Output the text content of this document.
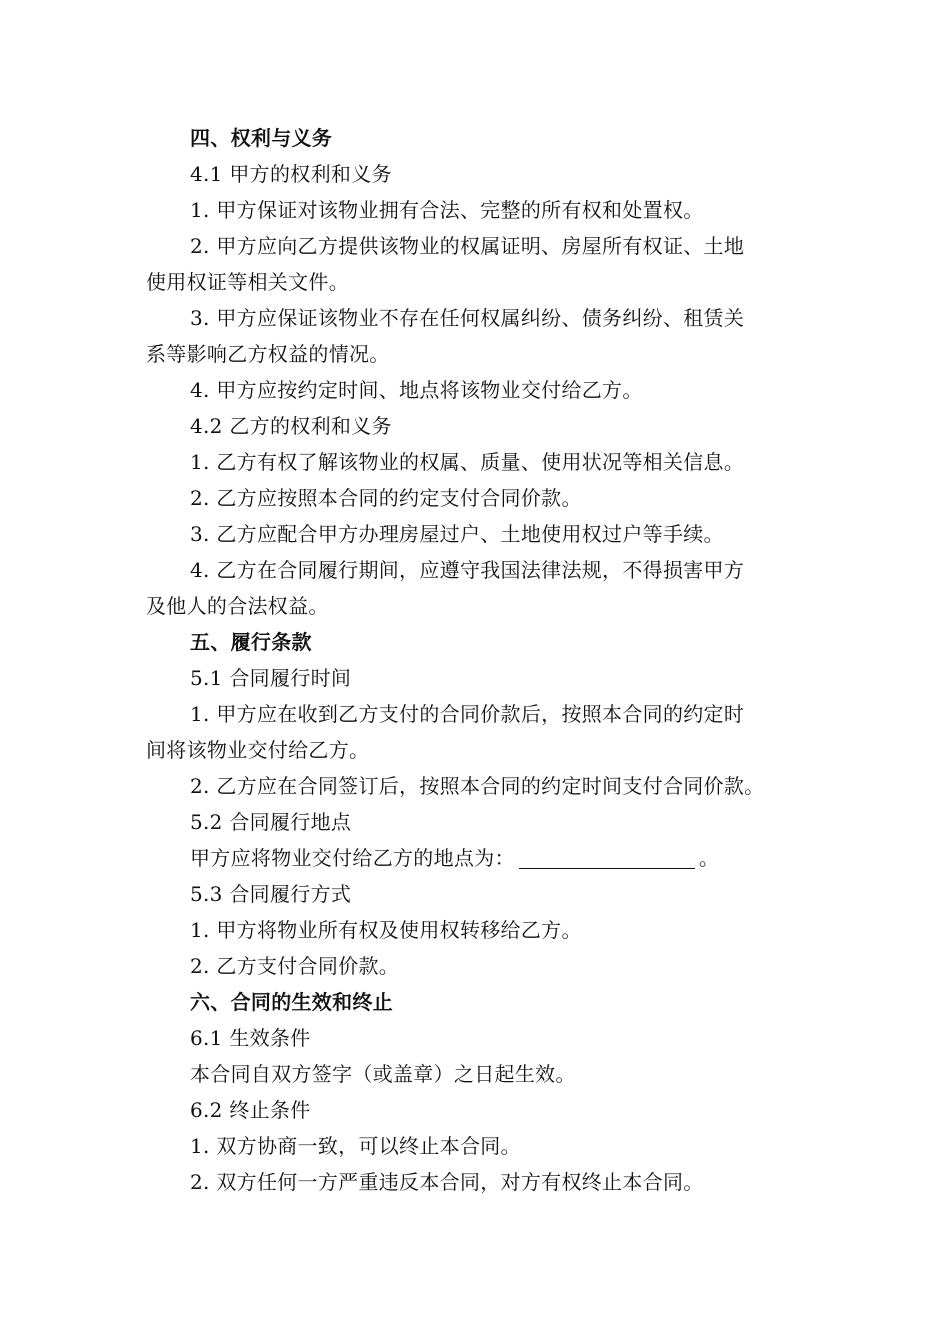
四、权利与义务
4.1 甲方的权利和义务
1. 甲方保证对该物业拥有合法、完整的所有权和处置权。
2. 甲方应向乙方提供该物业的权属证明、房屋所有权证、土地
使用权证等相关文件。
3. 甲方应保证该物业不存在任何权属纠纷、债务纠纷、租赁关
系等影响乙方权益的情况。
4. 甲方应按约定时间、地点将该物业交付给乙方。
4.2 乙方的权利和义务
1. 乙方有权了解该物业的权属、质量、使用状况等相关信息。
2. 乙方应按照本合同的约定支付合同价款。
3. 乙方应配合甲方办理房屋过户、土地使用权过户等手续。
4. 乙方在合同履行期间，应遵守我国法律法规，不得损害甲方
及他人的合法权益。
五、履行条款
5.1 合同履行时间
1. 甲方应在收到乙方支付的合同价款后，按照本合同的约定时
间将该物业交付给乙方。
2. 乙方应在合同签订后，按照本合同的约定时间支付合同价款。
5.2 合同履行地点
甲方应将物业交付给乙方的地点为：	。
5.3 合同履行方式
1. 甲方将物业所有权及使用权转移给乙方。
2. 乙方支付合同价款。
六、合同的生效和终止
6.1 生效条件
本合同自双方签字（或盖章）之日起生效。
6.2 终止条件
1. 双方协商一致，可以终止本合同。
2. 双方任何一方严重违反本合同，对方有权终止本合同。
